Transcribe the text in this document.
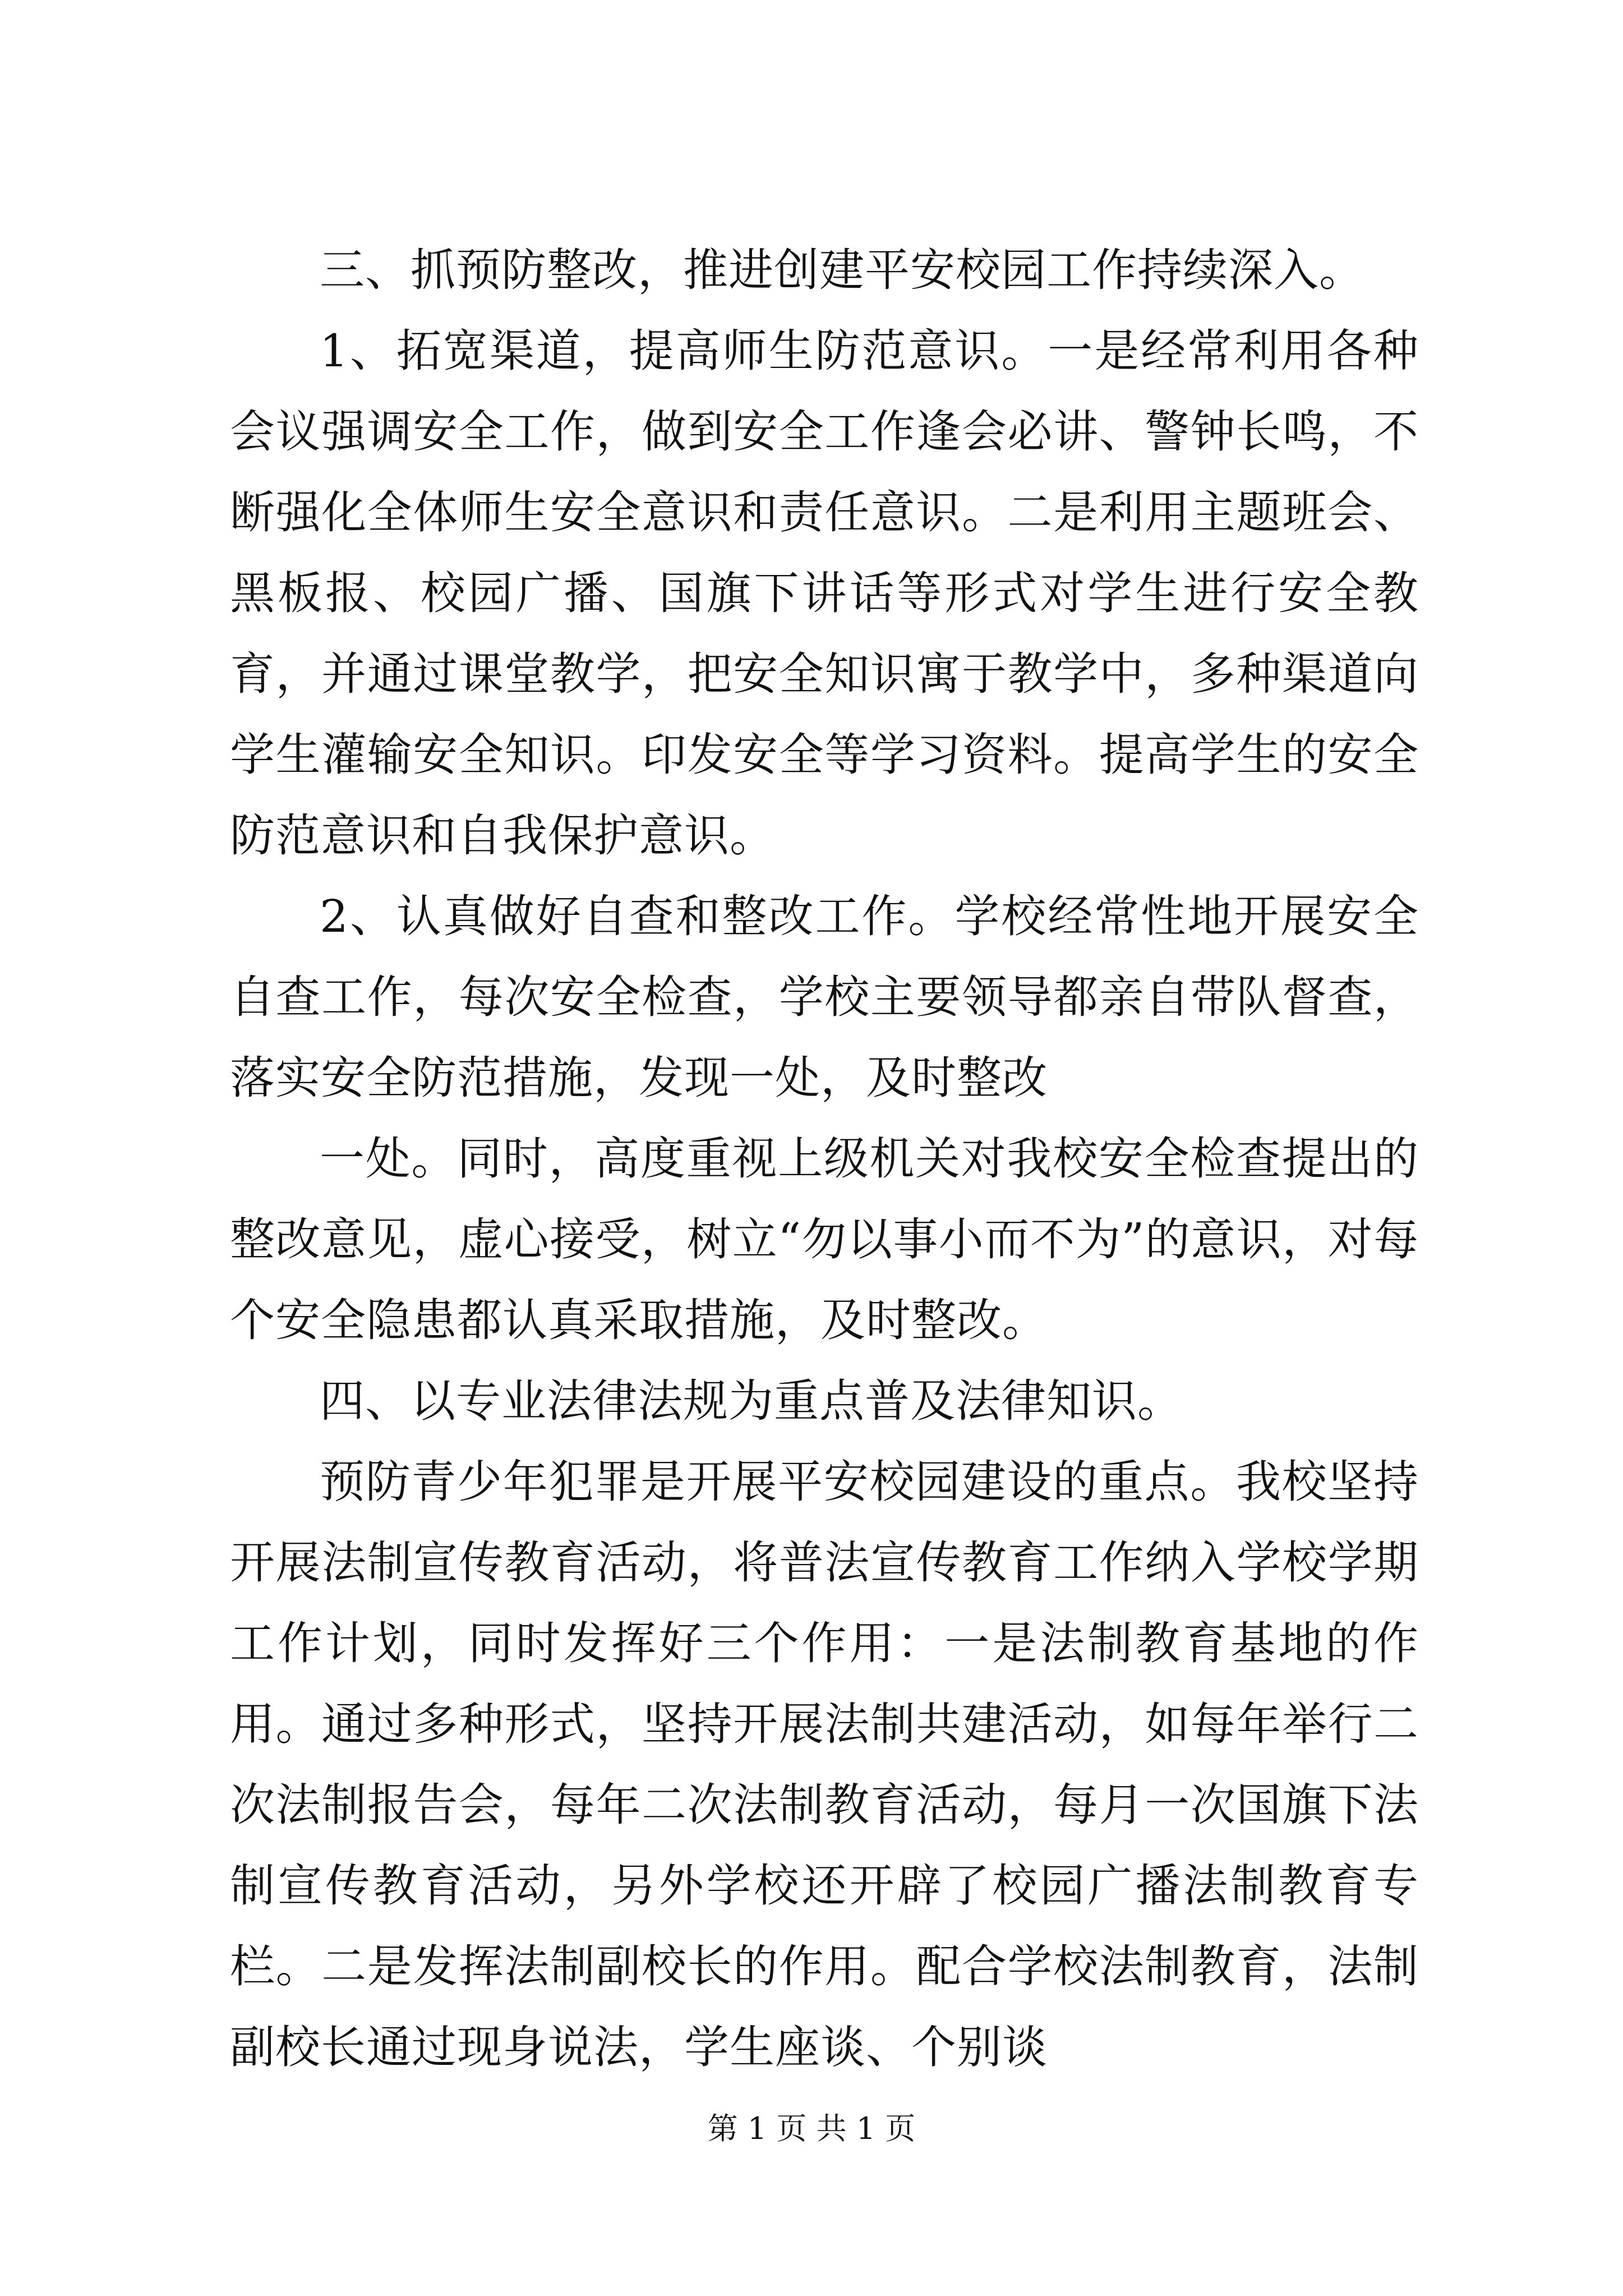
三、抓预防整改，推进创建平安校园工作持续深入。

1、拓宽渠道，提高师生防范意识。一是经常利用各种会议强调安全工作，做到安全工作逢会必讲、警钟长鸣，不断强化全体师生安全意识和责任意识。二是利用主题班会、黑板报、校园广播、国旗下讲话等形式对学生进行安全教育，并通过课堂教学，把安全知识寓于教学中，多种渠道向学生灌输安全知识。印发安全等学习资料。提高学生的安全防范意识和自我保护意识。

2、认真做好自查和整改工作。学校经常性地开展安全自查工作，每次安全检查，学校主要领导都亲自带队督查，落实安全防范措施，发现一处，及时整改

一处。同时，高度重视上级机关对我校安全检查提出的整改意见，虚心接受，树立“勿以事小而不为”的意识，对每个安全隐患都认真采取措施，及时整改。

四、以专业法律法规为重点普及法律知识。

预防青少年犯罪是开展平安校园建设的重点。我校坚持开展法制宣传教育活动，将普法宣传教育工作纳入学校学期工作计划，同时发挥好三个作用：一是法制教育基地的作用。通过多种形式，坚持开展法制共建活动，如每年举行二次法制报告会，每年二次法制教育活动，每月一次国旗下法制宣传教育活动，另外学校还开辟了校园广播法制教育专栏。二是发挥法制副校长的作用。配合学校法制教育，法制副校长通过现身说法，学生座谈、个别谈

第 1 页 共 1 页
